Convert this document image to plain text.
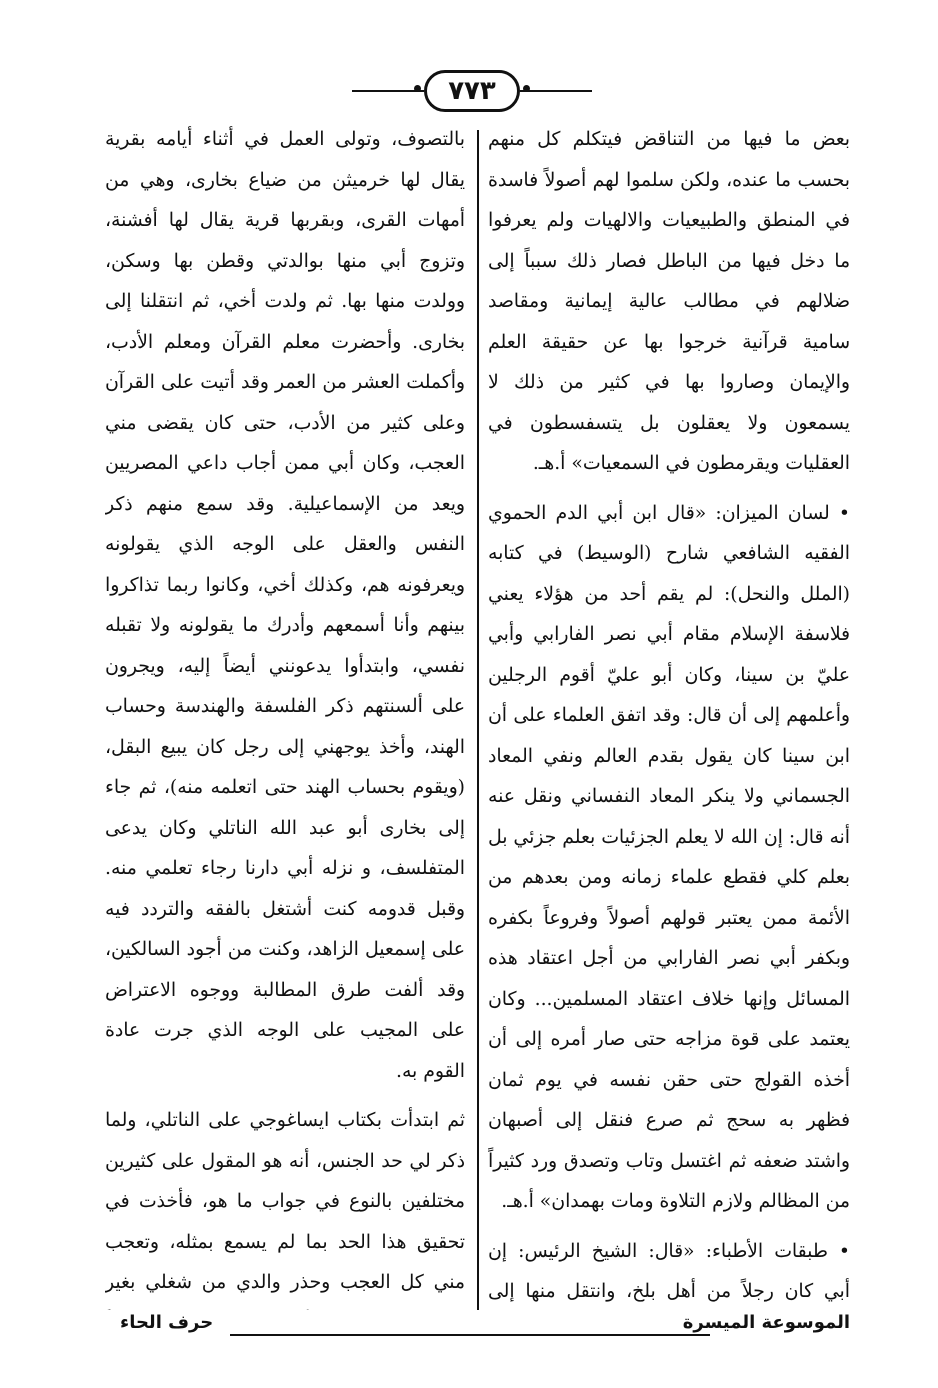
٧٧٣

بعض ما فيها من التناقض فيتكلم كل منهم بحسب ما عنده، ولكن سلموا لهم أصولاً فاسدة في المنطق والطبيعيات والالهيات ولم يعرفوا ما دخل فيها من الباطل فصار ذلك سبباً إلى ضلالهم في مطالب عالية إيمانية ومقاصد سامية قرآنية خرجوا بها عن حقيقة العلم والإيمان وصاروا بها في كثير من ذلك لا يسمعون ولا يعقلون بل يتسفسطون في العقليات ويقرمطون في السمعيات» أ.هـ.

• لسان الميزان: «قال ابن أبي الدم الحموي الفقيه الشافعي شارح (الوسيط) في كتابه (الملل والنحل): لم يقم أحد من هؤلاء يعني فلاسفة الإسلام مقام أبي نصر الفارابي وأبي عليّ بن سينا، وكان أبو عليّ أقوم الرجلين وأعلمهم إلى أن قال: وقد اتفق العلماء على أن ابن سينا كان يقول بقدم العالم ونفي المعاد الجسماني ولا ينكر المعاد النفساني ونقل عنه أنه قال: إن الله لا يعلم الجزئيات بعلم جزئي بل بعلم كلي فقطع علماء زمانه ومن بعدهم من الأئمة ممن يعتبر قولهم أصولاً وفروعاً بكفره وبكفر أبي نصر الفارابي من أجل اعتقاد هذه المسائل وإنها خلاف اعتقاد المسلمين... وكان يعتمد على قوة مزاجه حتى صار أمره إلى أن أخذه القولج حتى حقن نفسه في يوم ثمان فظهر به سحج ثم صرع فنقل إلى أصبهان واشتد ضعفه ثم اغتسل وتاب وتصدق ورد كثيراً من المظالم ولازم التلاوة ومات بهمدان» أ.هـ.

• طبقات الأطباء: «قال: الشيخ الرئيس: إن أبي كان رجلاً من أهل بلخ، وانتقل منها إلى

بالتصوف، وتولى العمل في أثناء أيامه بقرية يقال لها خرميثن من ضياع بخارى، وهي من أمهات القرى، وبقربها قرية يقال لها أفشنة، وتزوج أبي منها بوالدتي وقطن بها وسكن، وولدت منها بها. ثم ولدت أخي، ثم انتقلنا إلى بخارى. وأحضرت معلم القرآن ومعلم الأدب، وأكملت العشر من العمر وقد أتيت على القرآن وعلى كثير من الأدب، حتى كان يقضى مني العجب، وكان أبي ممن أجاب داعي المصريين ويعد من الإسماعيلية. وقد سمع منهم ذكر النفس والعقل على الوجه الذي يقولونه ويعرفونه هم، وكذلك أخي، وكانوا ربما تذاكروا بينهم وأنا أسمعهم وأدرك ما يقولونه ولا تقبله نفسي، وابتدأوا يدعونني أيضاً إليه، ويجرون على ألسنتهم ذكر الفلسفة والهندسة وحساب الهند، وأخذ يوجهني إلى رجل كان يبيع البقل، (ويقوم بحساب الهند حتى اتعلمه منه)، ثم جاء إلى بخارى أبو عبد الله الناتلي وكان يدعى المتفلسف، و نزله أبي دارنا رجاء تعلمي منه. وقبل قدومه كنت أشتغل بالفقه والتردد فيه على إسمعيل الزاهد، وكنت من أجود السالكين، وقد ألفت طرق المطالبة ووجوه الاعتراض على المجيب على الوجه الذي جرت عادة القوم به.

ثم ابتدأت بكتاب ايساغوجي على الناتلي، ولما ذكر لي حد الجنس، أنه هو المقول على كثيرين مختلفين بالنوع في جواب ما هو، فأخذت في تحقيق هذا الحد بما لم يسمع بمثله، وتعجب مني كل العجب وحذر والدي من شغلي بغير

الموسوعة الميسرة
حرف الحاء
